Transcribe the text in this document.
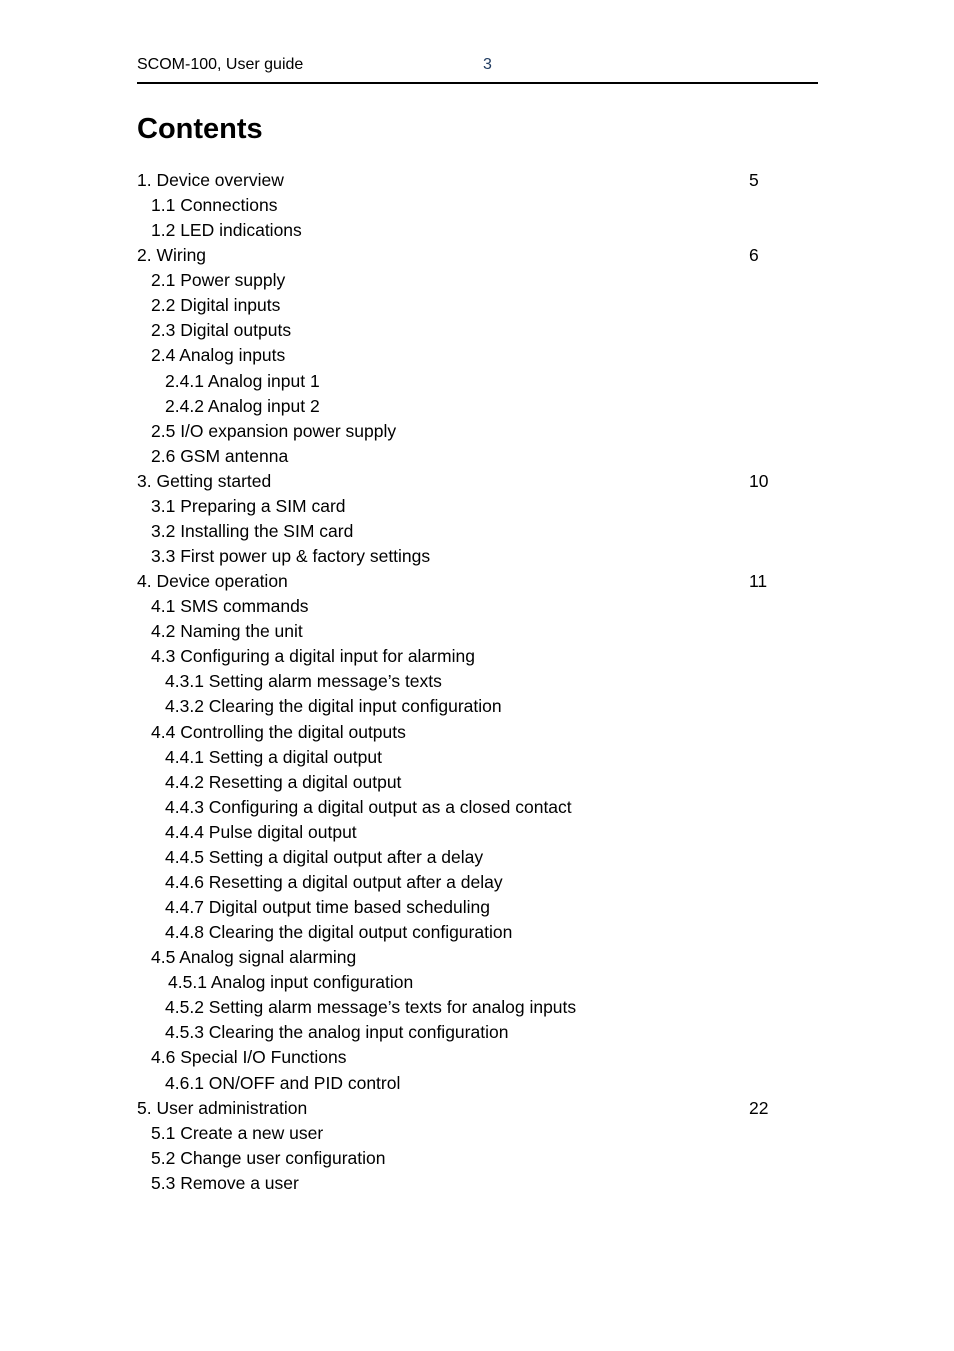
SCOM-100, User guide	3
Contents
1. Device overview	5
1.1 Connections
1.2 LED indications
2. Wiring	6
2.1 Power supply
2.2 Digital inputs
2.3 Digital outputs
2.4 Analog inputs
2.4.1 Analog input 1
2.4.2 Analog input 2
2.5 I/O expansion power supply
2.6 GSM antenna
3. Getting started	10
3.1 Preparing a SIM card
3.2 Installing the SIM card
3.3 First power up & factory settings
4. Device operation	11
4.1 SMS commands
4.2 Naming the unit
4.3 Configuring a digital input for alarming
4.3.1 Setting alarm message’s texts
4.3.2 Clearing the digital input configuration
4.4 Controlling the digital outputs
4.4.1 Setting a digital output
4.4.2 Resetting a digital output
4.4.3 Configuring a digital output as a closed contact
4.4.4 Pulse digital output
4.4.5 Setting a digital output after a delay
4.4.6 Resetting a digital output after a delay
4.4.7 Digital output time based scheduling
4.4.8 Clearing the digital output configuration
4.5 Analog signal alarming
4.5.1 Analog input configuration
4.5.2 Setting alarm message’s texts for analog inputs
4.5.3 Clearing the analog input configuration
4.6 Special I/O Functions
4.6.1 ON/OFF and PID control
5. User administration	22
5.1 Create a new user
5.2 Change user configuration
5.3 Remove a user
